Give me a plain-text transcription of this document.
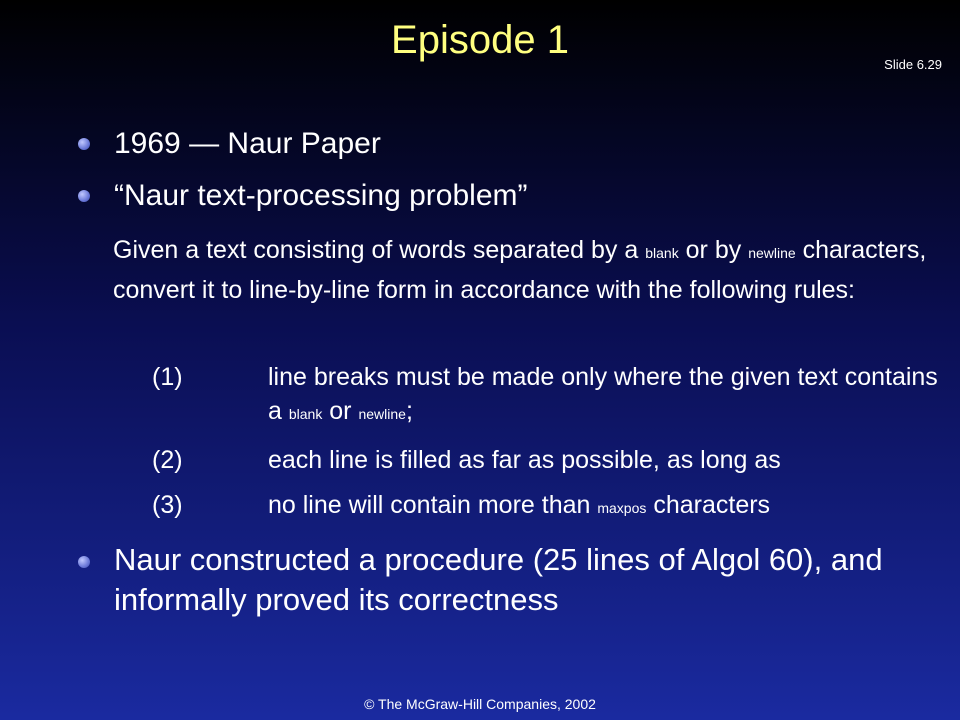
Episode 1
Slide 6.29
1969 — Naur Paper
“Naur text-processing problem”
Given a text consisting of words separated by a blank or by newline characters, convert it to line-by-line form in accordance with the following rules:
(1)	line breaks must be made only where the given text contains a blank or newline;
(2)	each line is filled as far as possible, as long as
(3)	no line will contain more than maxpos characters
Naur constructed a procedure (25 lines of Algol 60), and informally proved its correctness
© The McGraw-Hill Companies, 2002
